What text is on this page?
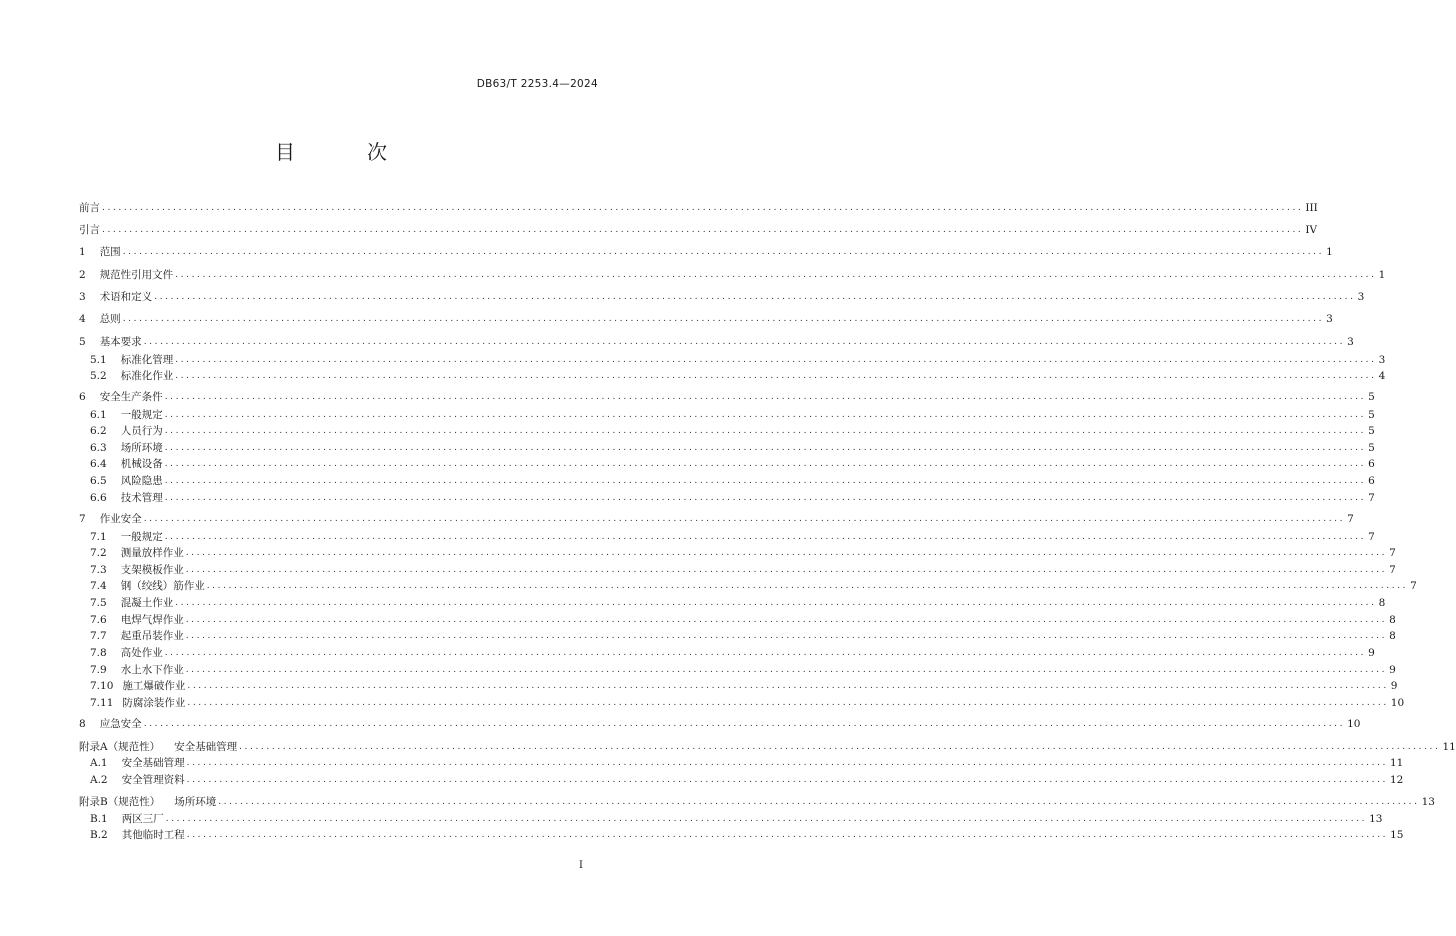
DB63/T 2253.4—2024
目　次
前言 ............................................................................................................................................................................................................................ III
引言 ............................................................................................................................................................................................................................ IV
1 范围 ............................................................................................................................................................................................................................ 1
2 规范性引用文件 ............................................................................................................................................................................................................................ 1
3 术语和定义 ............................................................................................................................................................................................................................ 3
4 总则 ............................................................................................................................................................................................................................ 3
5 基本要求 ............................................................................................................................................................................................................................ 3
5.1 标准化管理 ............................................................................................................................................................................................................................ 3
5.2 标准化作业 ............................................................................................................................................................................................................................ 4
6 安全生产条件 ............................................................................................................................................................................................................................ 5
6.1 一般规定 ............................................................................................................................................................................................................................ 5
6.2 人员行为 ............................................................................................................................................................................................................................ 5
6.3 场所环境 ............................................................................................................................................................................................................................ 5
6.4 机械设备 ............................................................................................................................................................................................................................ 6
6.5 风险隐患 ............................................................................................................................................................................................................................ 6
6.6 技术管理 ............................................................................................................................................................................................................................ 7
7 作业安全 ............................................................................................................................................................................................................................ 7
7.1 一般规定 ............................................................................................................................................................................................................................ 7
7.2 测量放样作业 ............................................................................................................................................................................................................................ 7
7.3 支架模板作业 ............................................................................................................................................................................................................................ 7
7.4 钢（绞线）筋作业 ............................................................................................................................................................................................................................ 7
7.5 混凝土作业 ............................................................................................................................................................................................................................ 8
7.6 电焊气焊作业 ............................................................................................................................................................................................................................ 8
7.7 起重吊装作业 ............................................................................................................................................................................................................................ 8
7.8 高处作业 ............................................................................................................................................................................................................................ 9
7.9 水上水下作业 ............................................................................................................................................................................................................................ 9
7.10 施工爆破作业 ............................................................................................................................................................................................................................ 9
7.11 防腐涂装作业 ............................................................................................................................................................................................................................ 10
8 应急安全 ............................................................................................................................................................................................................................ 10
附录A（规范性） 安全基础管理 ............................................................................................................................................................................................................................ 11
A.1 安全基础管理 ............................................................................................................................................................................................................................ 11
A.2 安全管理资料 ............................................................................................................................................................................................................................ 12
附录B（规范性） 场所环境 ............................................................................................................................................................................................................................ 13
B.1 两区三厂 ............................................................................................................................................................................................................................ 13
B.2 其他临时工程 ............................................................................................................................................................................................................................ 15
I
